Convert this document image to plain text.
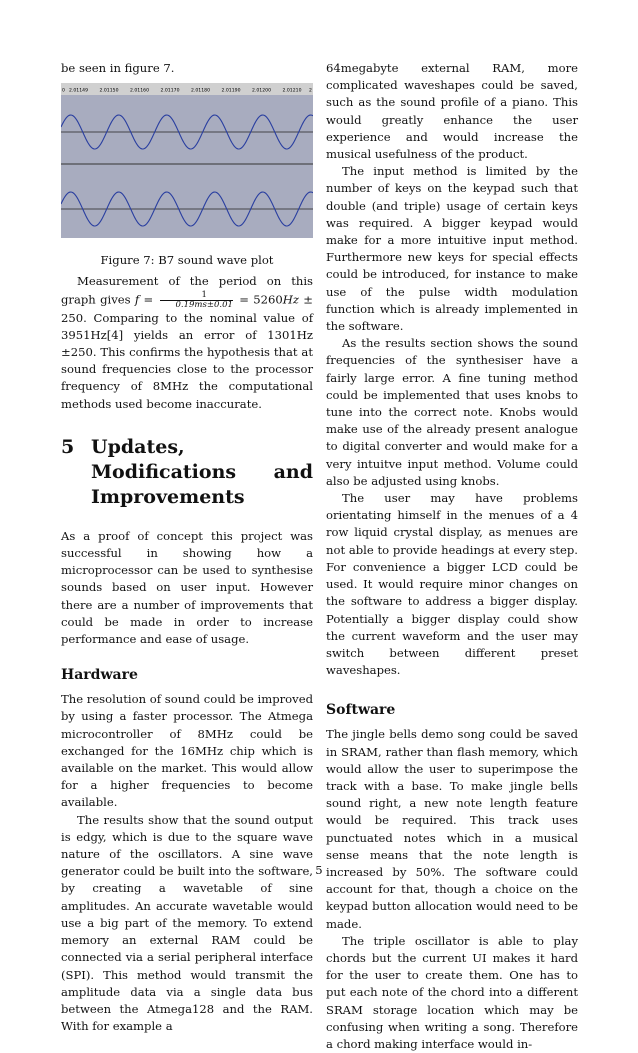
be seen in figure 7.

0 2.01149	2.01150	2.01160	2.01170	2.01180	2.01190	2.01200	2.01210 2

Figure 7: B7 sound wave plot

Measurement of the period on this graph gives $f = \frac{1}{0.19ms\pm 0.01} = 5260Hz \pm 250$. Comparing to the nominal value of 3951Hz[4] yields an error of 1301Hz ±250. This confirms the hypothesis that at sound frequencies close to the processor frequency of 8MHz the computational methods used become inaccurate.

5 Updates, Modifications and Improvements

As a proof of concept this project was successful in showing how a microprocessor can be used to synthesise sounds based on user input. However there are a number of improvements that could be made in order to increase performance and ease of usage.

Hardware

The resolution of sound could be improved by using a faster processor. The Atmega microcontroller of 8MHz could be exchanged for the 16MHz chip which is available on the market. This would allow for a higher frequencies to become available.

The results show that the sound output is edgy, which is due to the square wave nature of the oscillators. A sine wave generator could be built into the software, by creating a wavetable of sine amplitudes. An accurate wavetable would use a big part of the memory. To extend memory an external RAM could be connected via a serial peripheral interface (SPI). This method would transmit the amplitude data via a single data bus between the Atmega128 and the RAM. With for example a

64megabyte external RAM, more complicated waveshapes could be saved, such as the sound profile of a piano. This would greatly enhance the user experience and would increase the musical usefulness of the product.

The input method is limited by the number of keys on the keypad such that double (and triple) usage of certain keys was required. A bigger keypad would make for a more intuitive input method. Furthermore new keys for special effects could be introduced, for instance to make use of the pulse width modulation function which is already implemented in the software.

As the results section shows the sound frequencies of the synthesiser have a fairly large error. A fine tuning method could be implemented that uses knobs to tune into the correct note. Knobs would make use of the already present analogue to digital converter and would make for a very intuitve input method. Volume could also be adjusted using knobs.

The user may have problems orientating himself in the menues of a 4 row liquid crystal display, as menues are not able to provide headings at every step. For convenience a bigger LCD could be used. It would require minor changes on the software to address a bigger display. Potentially a bigger display could show the current waveform and the user may switch between different preset waveshapes.

Software

The jingle bells demo song could be saved in SRAM, rather than flash memory, which would allow the user to superimpose the track with a base. To make jingle bells sound right, a new note length feature would be required. This track uses punctuated notes which in a musical sense means that the note length is increased by 50%. The software could account for that, though a choice on the keypad button allocation would need to be made.

The triple oscillator is able to play chords but the current UI makes it hard for the user to create them. One has to put each note of the chord into a different SRAM storage location which may be confusing when writing a song. Therefore a chord making interface would in-

5
